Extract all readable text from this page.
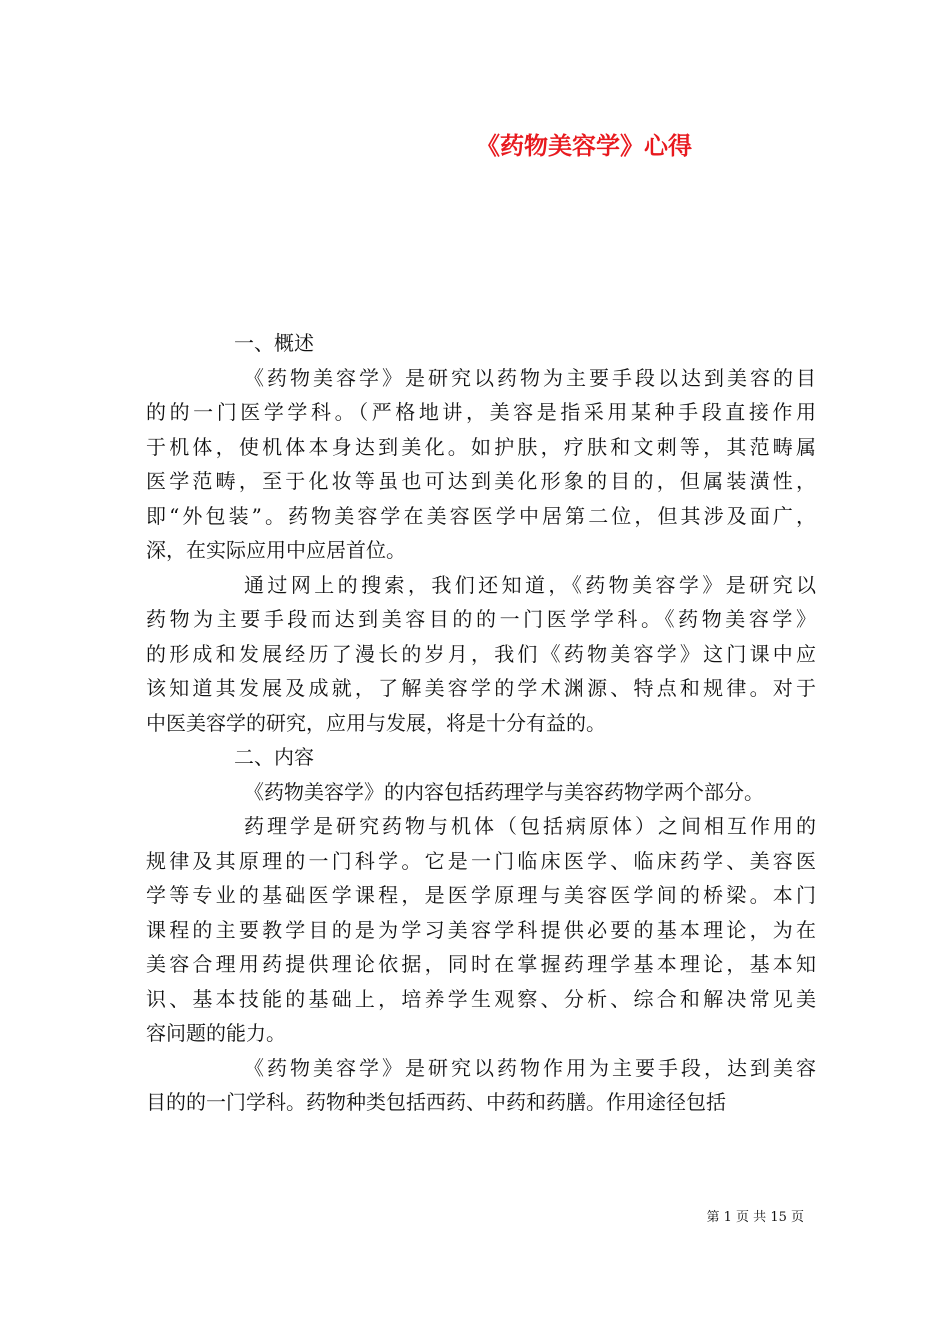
《药物美容学》心得
一、概述
《药物美容学》是研究以药物为主要手段以达到美容的目
的的一门医学学科。（严格地讲，美容是指采用某种手段直接作用
于机体，使机体本身达到美化。如护肤，疗肤和文刺等，其范畴属
医学范畴，至于化妆等虽也可达到美化形象的目的，但属装潢性，
即“外包装”。药物美容学在美容医学中居第二位，但其涉及面广，
深，在实际应用中应居首位。
通过网上的搜索，我们还知道，《药物美容学》是研究以
药物为主要手段而达到美容目的的一门医学学科。《药物美容学》
的形成和发展经历了漫长的岁月，我们《药物美容学》这门课中应
该知道其发展及成就，了解美容学的学术渊源、特点和规律。对于
中医美容学的研究，应用与发展，将是十分有益的。
二、内容
《药物美容学》的内容包括药理学与美容药物学两个部分。
药理学是研究药物与机体（包括病原体）之间相互作用的
规律及其原理的一门科学。它是一门临床医学、临床药学、美容医
学等专业的基础医学课程，是医学原理与美容医学间的桥梁。本门
课程的主要教学目的是为学习美容学科提供必要的基本理论，为在
美容合理用药提供理论依据，同时在掌握药理学基本理论，基本知
识、基本技能的基础上，培养学生观察、分析、综合和解决常见美
容问题的能力。
《药物美容学》是研究以药物作用为主要手段，达到美容
目的的一门学科。药物种类包括西药、中药和药膳。作用途径包括
第 1 页 共 15 页
